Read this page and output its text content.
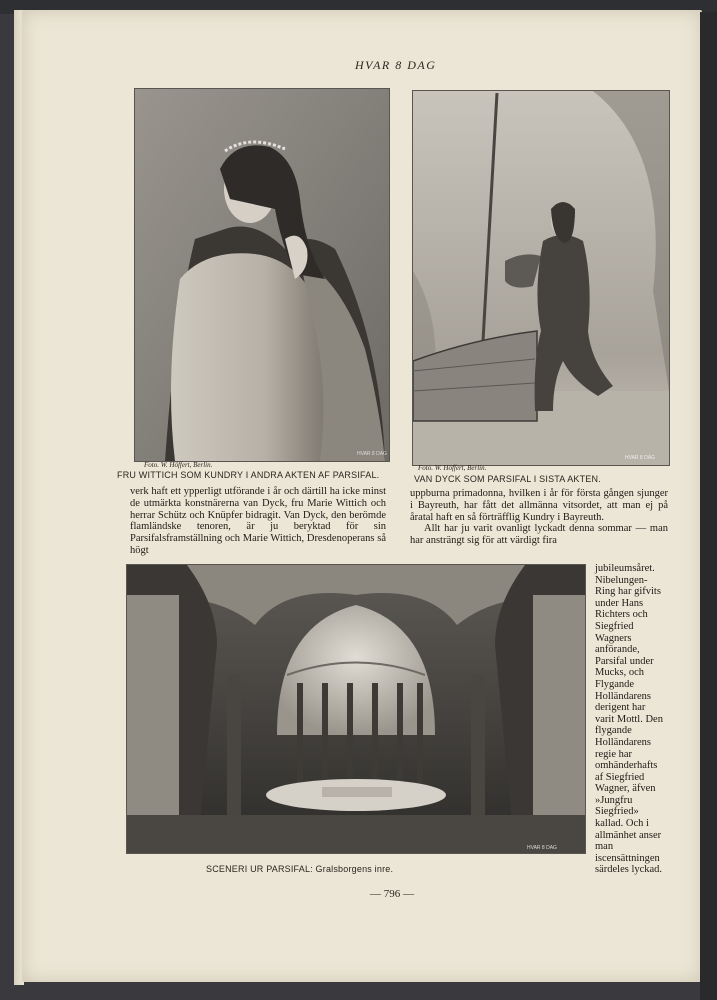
HVAR 8 DAG
HVAR 8 DAG
Foto. W. Höffert, Berlin.
FRU WITTICH SOM KUNDRY I ANDRA AKTEN AF PARSIFAL.
HVAR 8 DAG
Foto. W. Höffert, Berlin.
VAN DYCK SOM PARSIFAL I SISTA AKTEN.

verk haft ett ypperligt utförande i år och därtill ha icke minst de utmärkta konstnärerna van Dyck, fru Marie Wittich och herrar Schütz och Knüpfer bidragit. Van Dyck, den berömde flamländske tenoren, är ju beryktad för sin Parsifalsframställning och Marie Wittich, Dresdenoperans så högt

uppburna primadonna, hvilken i år för första gången sjunger i Bayreuth, har fått det allmänna vitsordet, att man ej på åratal haft en så förträfflig Kundry i Bayreuth.

Allt har ju varit ovanligt lyckadt denna sommar — man har ansträngt sig för att värdigt fira

HVAR 8 DAG
SCENERI UR PARSIFAL: Gralsborgens inre.
jubileumsåret. Nibelungen-Ring har gifvits under Hans Richters och Siegfried Wagners anförande, Parsifal under Mucks, och Flygande Holländarens derigent har varit Mottl. Den flygande Holländarens regie har omhänderhafts af Siegfried Wagner, äfven »Jungfru Siegfried» kallad. Och i allmänhet anser man iscensättningen särdeles lyckad.
— 796 —
